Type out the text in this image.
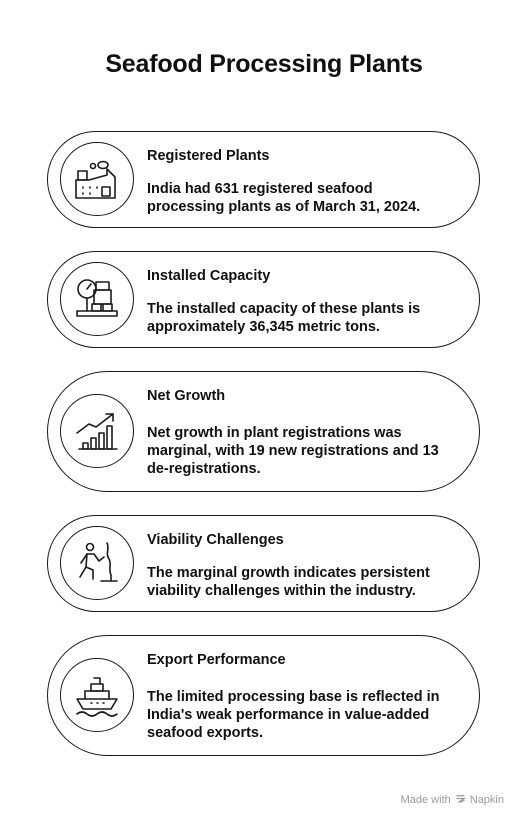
Seafood Processing Plants
Registered Plants
India had 631 registered seafood processing plants as of March 31, 2024.
Installed Capacity
The installed capacity of these plants is approximately 36,345 metric tons.
Net Growth
Net growth in plant registrations was marginal, with 19 new registrations and 13 de-registrations.
Viability Challenges
The marginal growth indicates persistent viability challenges within the industry.
Export Performance
The limited processing base is reflected in India's weak performance in value-added seafood exports.
Made with Napkin
